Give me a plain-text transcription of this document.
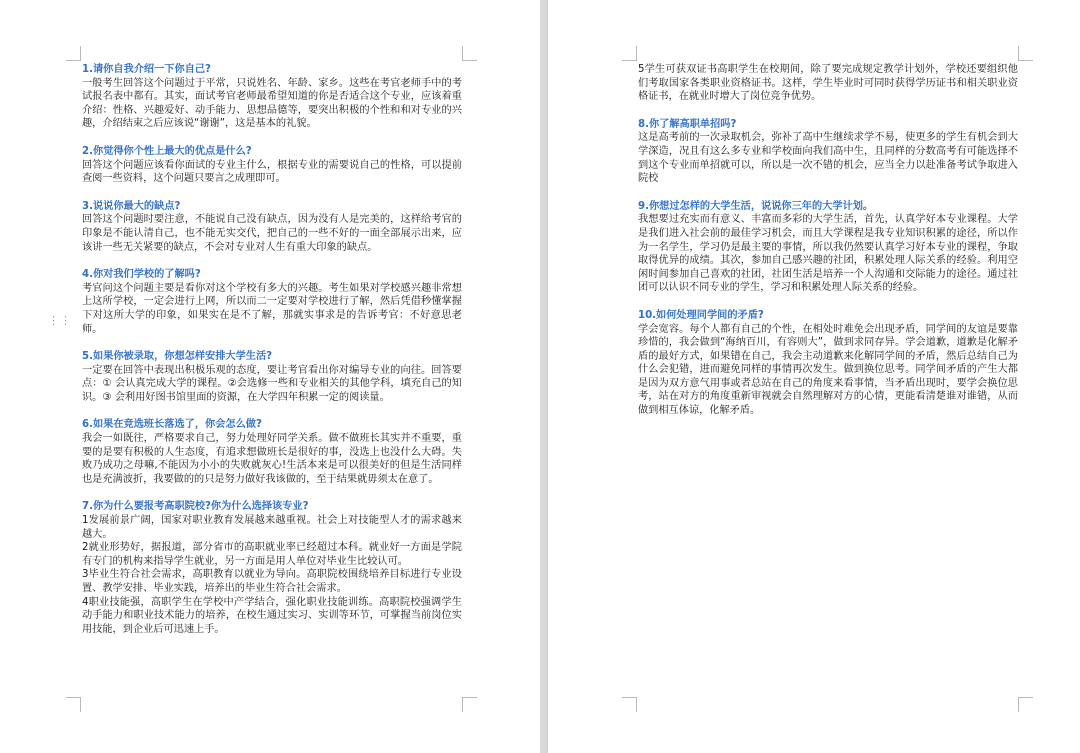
⋮⋮

1.请你自我介绍一下你自己?

一般考生回答这个问题过于平常，只说姓名、年龄、家乡。这些在考官老师手中的考试报名表中都有。其实，面试考官老师最希望知道的你是否适合这个专业，应该着重介绍：性格、兴趣爱好、动手能力、思想品德等，要突出积极的个性和和对专业的兴趣，介绍结束之后应该说“谢谢”，这是基本的礼貌。

2.你觉得你个性上最大的优点是什么?

回答这个问题应该看你面试的专业主什么，根据专业的需要说自己的性格，可以提前查阅一些资料，这个问题只要言之成理即可。

3.说说你最大的缺点?

回答这个问题时要注意，不能说自己没有缺点，因为没有人是完美的，这样给考官的印象是不能认清自己，也不能无实交代，把自己的一些不好的一面全部展示出来，应该讲一些无关紧要的缺点，不会对专业对人生有重大印象的缺点。

4.你对我们学校的了解吗?

考官问这个问题主要是看你对这个学校有多大的兴趣。考生如果对学校感兴趣非常想上这所学校，一定会进行上网，所以而二一定要对学校进行了解，然后凭借秒懂掌握下对这所大学的印象，如果实在是不了解，那就实事求是的告诉考官：不好意思老师。

5.如果你被录取，你想怎样安排大学生活?

一定要在回答中表现出积极乐观的态度，要让考官看出你对编导专业的向往。回答要点：① 会认真完成大学的课程。②会选修一些和专业相关的其他学科，填充自己的知识。③ 会利用好图书馆里面的资源，在大学四年积累一定的阅读量。

6.如果在竞选班长落选了，你会怎么做?

我会一如既往，严格要求自己，努力处理好同学关系。做不做班长其实并不重要，重要的是要有积极的人生态度，有追求想做班长是很好的事，没选上也没什么大碍。失败乃成功之母嘛,不能因为小小的失败就灰心!生活本来是可以很美好的但是生活同样也是充满波折，我要做的的只是努力做好我该做的，至于结果就毋须太在意了。

7.你为什么要报考高职院校?你为什么选择该专业?

1发展前景广阔，国家对职业教育发展越来越重视。社会上对技能型人才的需求越来越大。

2就业形势好，据报道，部分省市的高职就业率已经超过本科。就业好一方面是学院有专门的机构来指导学生就业，另一方面是用人单位对毕业生比较认可。

3毕业生符合社会需求，高职教育以就业为导向。高职院校围绕培养目标进行专业设置、教学安排、毕业实践，培养出的毕业生符合社会需求。

4职业技能强，高职学生在学校中产学结合，强化职业技能训练。高职院校强调学生动手能力和职业技术能力的培养，在校生通过实习、实训等环节，可掌握当前岗位实用技能，到企业后可迅速上手。

5学生可获双证书高职学生在校期间，除了要完成规定教学计划外，学校还要组织他们考取国家各类职业资格证书。这样，学生毕业时可同时获得学历证书和相关职业资格证书，在就业时增大了岗位竞争优势。

8.你了解高职单招吗?

这是高考前的一次录取机会，弥补了高中生继续求学不易，使更多的学生有机会到大学深造，况且有这么多专业和学校面向我们高中生，且同样的分数高考有可能选择不到这个专业而单招就可以，所以是一次不错的机会，应当全力以赴准备考试争取进入院校

9.你想过怎样的大学生活，说说你三年的大学计划。

我想要过充实而有意义、丰富而多彩的大学生活，首先，认真学好本专业课程。大学是我们进入社会前的最佳学习机会，而且大学课程是我专业知识积累的途径，所以作为一名学生，学习仍是最主要的事情，所以我仍然要认真学习好本专业的课程，争取取得优异的成绩。其次，参加自己感兴趣的社团，积累处理人际关系的经验。利用空闲时间参加自己喜欢的社团，社团生活是培养一个人沟通和交际能力的途径。通过社团可以认识不同专业的学生，学习和积累处理人际关系的经验。

10.如何处理同学间的矛盾?

学会宽容。每个人都有自己的个性，在相处时难免会出现矛盾，同学间的友谊是要靠珍惜的，我会做到“海纳百川，有容则大”，做到求同存异。学会道歉，道歉是化解矛盾的最好方式，如果错在自己，我会主动道歉来化解同学间的矛盾，然后总结自己为什么会犯错，进而避免同样的事情再次发生。做到换位思考。同学间矛盾的产生大都是因为双方意气用事或者总站在自己的角度来看事情，当矛盾出现时，要学会换位思考，站在对方的角度重新审视就会自然理解对方的心情，更能看清楚谁对谁错，从而做到相互体谅，化解矛盾。
